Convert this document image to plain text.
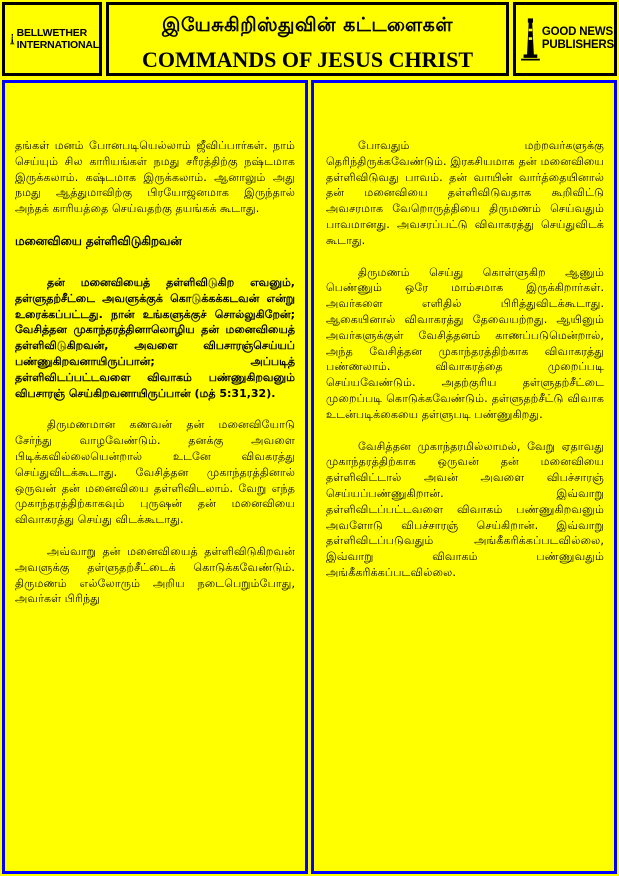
BELLWETHER
INTERNATIONAL
இயேசுகிறிஸ்துவின் கட்டளைகள்
COMMANDS OF JESUS CHRIST
GOOD NEWS
PUBLISHERS

தங்கள் மனம் போனபடியெல்லாம் ஜீவிப்பார்கள். நாம் செய்யும் சில காரியங்கள் நமது சரீரத்திற்கு நஷ்டமாக இருக்கலாம். கஷ்டமாக இருக்கலாம். ஆனாலும் அது நமது ஆத்துமாவிற்கு பிரயோஜனமாக இருந்தால் அந்தக் காரியத்தை செய்வதற்கு தயங்கக் கூடாது.

மனைவியை தள்ளிவிடுகிறவன்

தன் மனைவியைத் தள்ளிவிடுகிற எவனும், தள்ளுதற்சீட்டை அவளுக்குக் கொடுக்கக்கடவன் என்று உரைக்கப்பட்டது. நான் உங்களுக்குச் சொல்லுகிறேன்; வேசித்தன முகாந்தரத்தினாலொழிய தன் மனைவியைத் தள்ளிவிடுகிறவன், அவளை விபசாரஞ்செய்யப் பண்ணுகிறவனாயிருப்பான்; அப்படித் தள்ளிவிடப்பட்டவளை விவாகம் பண்ணுகிறவனும் விபசாரஞ் செய்கிறவனாயிருப்பான் (மத் 5:31,32).

திருமணமான கணவன் தன் மனைவியோடு சேர்ந்து வாழவேண்டும். தனக்கு அவளை பிடிக்கவில்லையென்றால் உடனே விவகரத்து செய்துவிடக்கூடாது. வேசித்தன முகாந்தரத்தினால் ஒருவன் தன் மனைவியை தள்ளிவிடலாம். வேறு எந்த முகாந்தரத்திற்காகவும் புருஷன் தன் மனைவியை விவாகரத்து செய்து விடக்கூடாது.

அவ்வாறு தன் மனைவியைத் தள்ளிவிடுகிறவன் அவளுக்கு தள்ளுதற்சீட்டைக் கொடுக்கவேண்டும். திருமணம் எல்லோரும் அறிய நடைபெறும்போது, அவர்கள் பிரிந்து

போவதும் மற்றவர்களுக்கு தெரிந்திருக்கவேண்டும். இரகசியமாக தன் மனைவியை தள்ளிவிடுவது பாவம். தன் வாயின் வார்த்தையினால் தன் மனைவியை தள்ளிவிடுவதாக கூறிவிட்டு அவசரமாக வேறொருத்தியை திருமணம் செய்வதும் பாவமானது. அவசரப்பட்டு விவாகரத்து செய்துவிடக் கூடாது.

திருமணம் செய்து கொள்ளுகிற ஆணும் பெண்ணும் ஒரே மாம்சமாக இருக்கிறார்கள். அவர்களை எளிதில் பிரித்துவிடக்கூடாது. ஆகையினால் விவாகரத்து தேவையற்றது. ஆயினும் அவர்களுக்குள் வேசித்தனம் காணப்படுமென்றால், அந்த வேசித்தன முகாந்தரத்திற்காக விவாகரத்து பண்ணலாம். விவாகரத்தை முறைப்படி செய்யவேண்டும். அதற்குரிய தள்ளுதற்சீட்டை முறைப்படி கொடுக்கவேண்டும். தள்ளுதற்சீட்டு விவாக உடன்படிக்கையை தள்ளுபடி பண்ணுகிறது.

வேசித்தன முகாந்தரமில்லாமல், வேறு ஏதாவது முகாந்தரத்திற்காக ஒருவன் தன் மனைவியை தள்ளிவிட்டால் அவன் அவளை விபச்சாரஞ் செய்யப்பண்ணுகிறான். இவ்வாறு தள்ளிவிடப்பட்டவளை விவாகம் பண்ணுகிறவனும் அவளோடு விபச்சாரஞ் செய்கிறான். இவ்வாறு தள்ளிவிடப்படுவதும் அங்கீகரிக்கப்படவில்லை, இவ்வாறு விவாகம் பண்ணுவதும் அங்கீகரிக்கப்படவில்லை.
